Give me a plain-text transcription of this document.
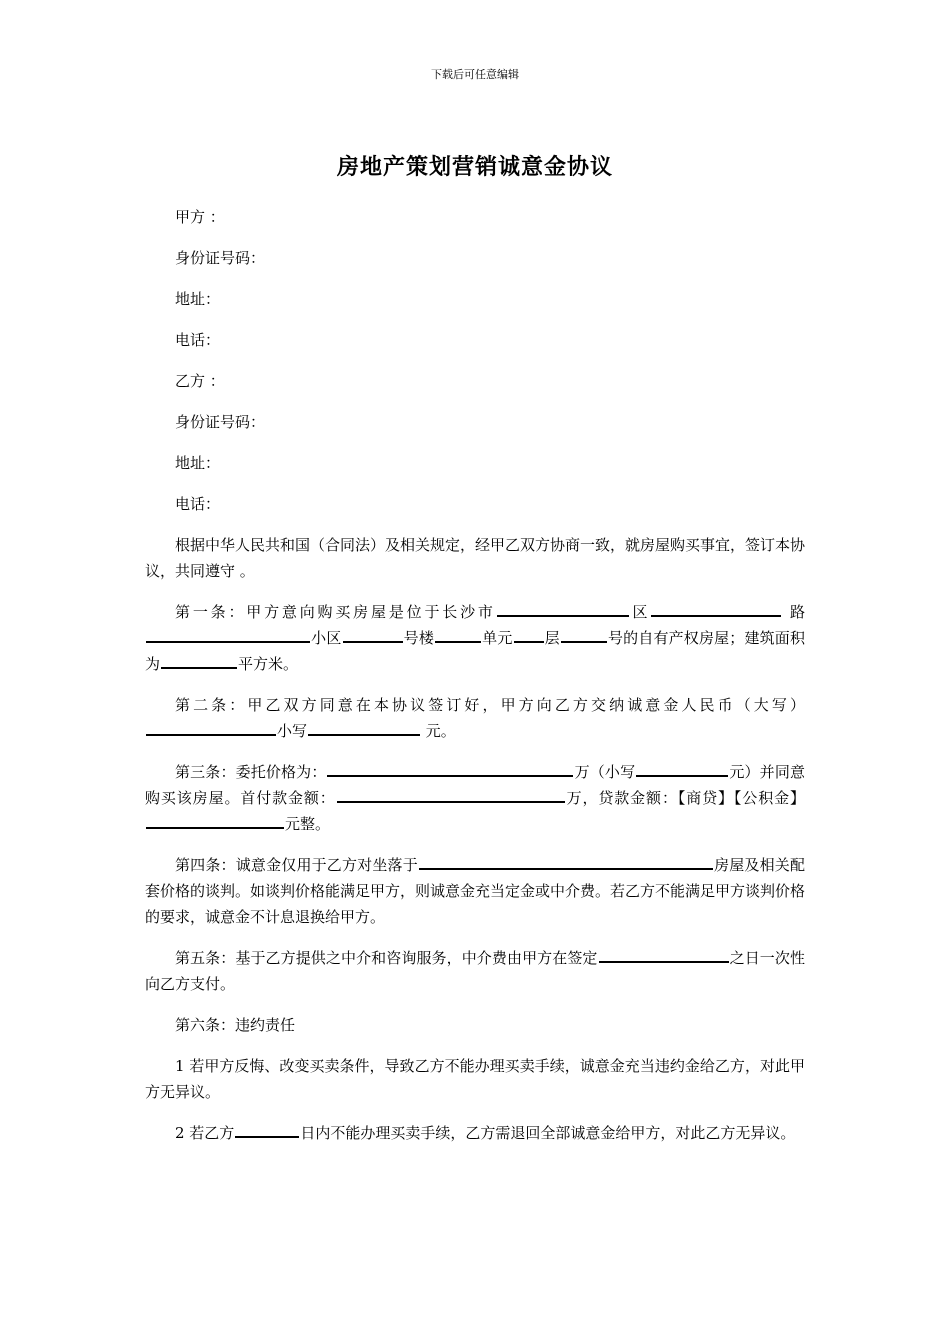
下载后可任意编辑
房地产策划营销诚意金协议

甲方 ：

身份证号码：

地址：

电话：

乙方 ：

身份证号码：

地址：

电话：

根据中华人民共和国（合同法）及相关规定，经甲乙双方协商一致，就房屋购买事宜，签订本协议，共同遵守 。

第一条：甲方意向购买房屋是位于长沙市	区	路小区	号楼	单元 层	号的自有产权房屋；建筑面积为	平方米。

第二条：甲乙双方同意在本协议签订好，甲方向乙方交纳诚意金人民币（大写）小写	元。

第三条：委托价格为：	万（小写	元）并同意购买该房屋。首付款金额：	万，贷款金额：【商贷】【公积金】元整。

第四条：诚意金仅用于乙方对坐落于	房屋及相关配套价格的谈判。如谈判价格能满足甲方，则诚意金充当定金或中介费。若乙方不能满足甲方谈判价格的要求，诚意金不计息退换给甲方。

第五条：基于乙方提供之中介和咨询服务，中介费由甲方在签定	之日一次性向乙方支付。

第六条：违约责任

1 若甲方反悔、改变买卖条件，导致乙方不能办理买卖手续，诚意金充当违约金给乙方，对此甲方无异议。

2 若乙方	日内不能办理买卖手续，乙方需退回全部诚意金给甲方，对此乙方无异议。
